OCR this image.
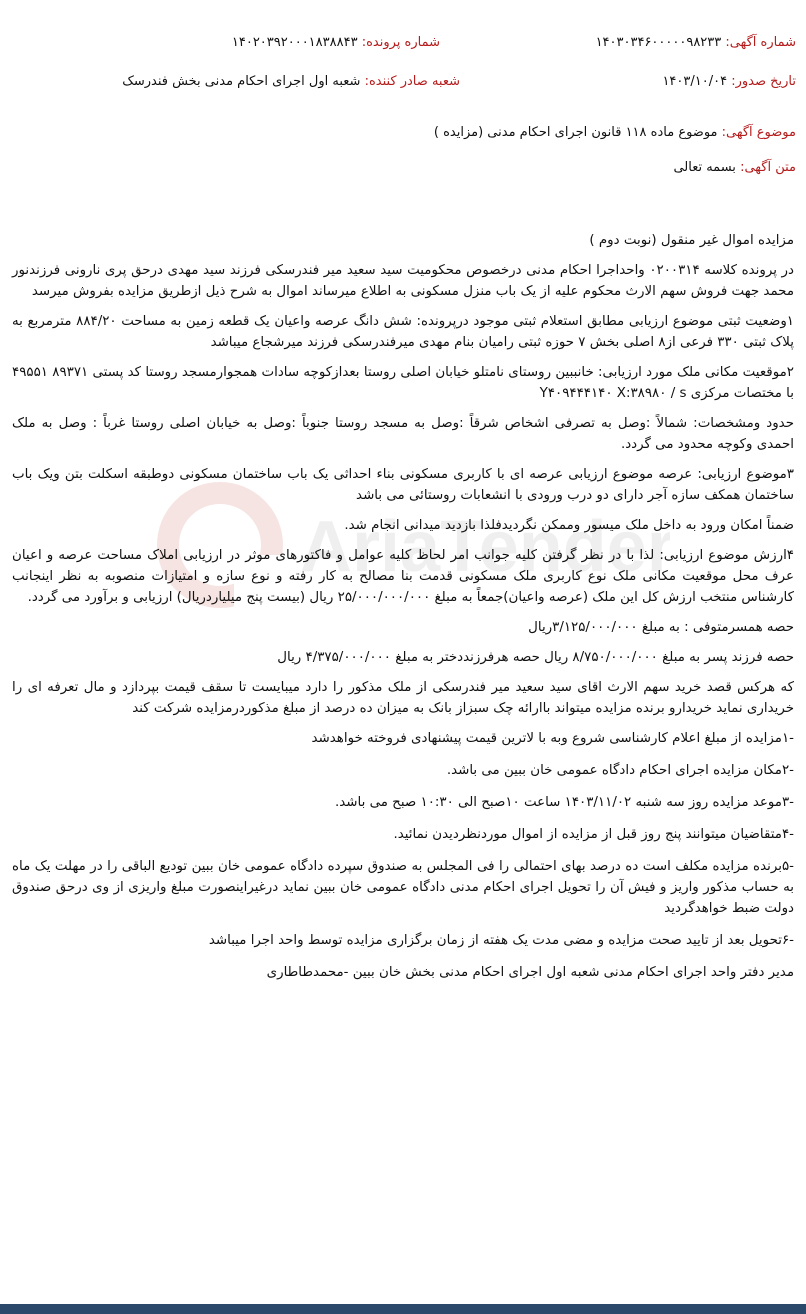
شماره آگهی: ۱۴۰۳۰۳۴۶۰۰۰۰۰۹۸۲۳۳
شماره پرونده: ۱۴۰۲۰۳۹۲۰۰۰۱۸۳۸۸۴۳
تاریخ صدور: ۱۴۰۳/۱۰/۰۴
شعبه صادر کننده: شعبه اول اجرای احکام مدنی بخش فندرسک
موضوع آگهی: موضوع ماده ۱۱۸ قانون اجرای احکام مدنی (مزایده )
متن آگهی: بسمه تعالی
AriaTender

مزایده اموال غیر منقول (نوبت دوم )

در پرونده کلاسه ۰۲۰۰۳۱۴ واحداجرا احکام مدنی درخصوص محکومیت سید سعید میر فندرسکی فرزند سید مهدی درحق پری نارونی فرزندنور محمد جهت فروش سهم الارث محکوم علیه از یک باب منزل مسکونی به اطلاع میرساند اموال به شرح ذیل ازطریق مزایده بفروش میرسد

۱وضعیت ثبتی موضوع ارزیابی مطابق استعلام ثبتی موجود درپرونده: شش دانگ عرصه واعیان یک قطعه زمین به مساحت ۸۸۴/۲۰ مترمربع به پلاک ثبتی ۳۳۰ فرعی از۸ اصلی بخش ۷ حوزه ثبتی رامیان بنام مهدی میرفندرسکی فرزند میرشجاع میباشد

۲موقعیت مکانی ملک مورد ارزیابی: خانببین روستای نامتلو خیابان اصلی روستا بعدازکوچه سادات همجوارمسجد روستا کد پستی ۸۹۳۷۱ ۴۹۵۵۱ با مختصات مرکزی Y۴۰۹۴۴۴۱۴۰ X:۳۸۹۸۰ / s

حدود ومشخصات: شمالاً :وصل به تصرفی اشخاص شرقاً :وصل به مسجد روستا جنوباً :وصل به خیابان اصلی روستا غرباً : وصل به ملک احمدی وکوچه محدود می گردد.

۳موضوع ارزیابی: عرصه موضوع ارزیابی عرصه ای با کاربری مسکونی بناء احداثی یک باب ساختمان مسکونی دوطبقه اسکلت بتن ویک باب ساختمان همکف سازه آجر دارای دو درب ورودی با انشعابات روستائی می باشد

ضمناً امکان ورود به داخل ملک میسور وممکن نگردیدفلذا بازدید میدانی انجام شد.

۴ارزش موضوع ارزیابی: لذا با در نظر گرفتن کلیه جوانب امر لحاظ کلیه عوامل و فاکتورهای موثر در ارزیابی املاک مساحت عرصه و اعیان عرف محل موقعیت مکانی ملک نوع کاربری ملک مسکونی قدمت بنا مصالح به کار رفته و نوع سازه و امتیازات منصوبه به نظر اینجانب کارشناس منتخب ارزش کل این ملک (عرصه واعیان)جمعاً به مبلغ ۲۵/۰۰۰/۰۰۰/۰۰۰ ریال (بیست پنج میلیاردریال) ارزیابی و برآورد می گردد.

حصه همسرمتوفی : به مبلغ ۳/۱۲۵/۰۰۰/۰۰۰ریال

حصه فرزند پسر به مبلغ ۸/۷۵۰/۰۰۰/۰۰۰ ریال حصه هرفرزنددختر به مبلغ ۴/۳۷۵/۰۰۰/۰۰۰ ریال

که هرکس قصد خرید سهم الارث اقای سید سعید میر فندرسکی از ملک مذکور را دارد میبایست تا سقف قیمت بپردازد و مال تعرفه ای را خریداری نماید خریدارو برنده مزایده میتواند باارائه چک سبزاز بانک به میزان ده درصد از مبلغ مذکوردرمزایده شرکت کند

-۱مزایده از مبلغ اعلام کارشناسی شروع وبه با لاترین قیمت پیشنهادی فروخته خواهدشد

-۲مکان مزایده اجرای احکام دادگاه عمومی خان ببین می باشد.

-۳موعد مزایده روز سه شنبه ۱۴۰۳/۱۱/۰۲ ساعت ۱۰صبح الی ۱۰:۳۰ صبح می باشد.

-۴متقاضیان میتوانند پنج روز قبل از مزایده از اموال موردنظردیدن نمائید.

-۵برنده مزایده مکلف است ده درصد بهای احتمالی را فی المجلس به صندوق سپرده دادگاه عمومی خان ببین تودیع الباقی را در مهلت یک ماه به حساب مذکور واریز و فیش آن را تحویل اجرای احکام مدنی دادگاه عمومی خان ببین نماید درغیراینصورت مبلغ واریزی از وی درحق صندوق دولت ضبط خواهدگردید

-۶تحویل بعد از تایید صحت مزایده و مضی مدت یک هفته از زمان برگزاری مزایده توسط واحد اجرا میباشد

مدیر دفتر واحد اجرای احکام مدنی شعبه اول اجرای احکام مدنی بخش خان ببین -محمدطاطاری
